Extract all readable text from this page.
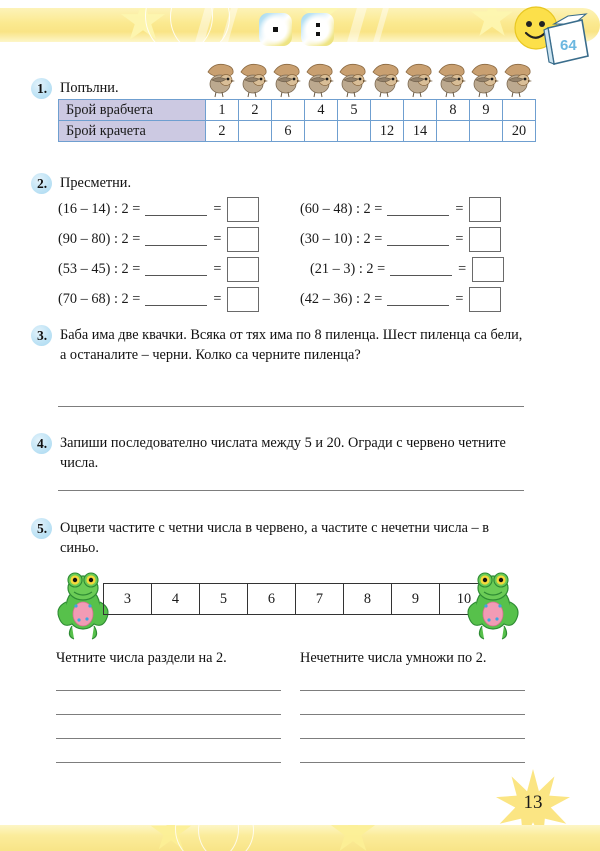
64
1. Попълни.
Брой врабчета	1	2		4	5			8	9	
Брой крачета	2		6			12	14			20
2. Пресметни.
(16 – 14) : 2 =	=
(90 – 80) : 2 =	=
(53 – 45) : 2 =	=
(70 – 68) : 2 =	=
(60 – 48) : 2 =	=
(30 – 10) : 2 =	=
(21 – 3) : 2 =	=
(42 – 36) : 2 =	=
3. Баба има две квачки. Всяка от тях има по 8 пиленца. Шест пиленца са бели, а останалите – черни. Колко са черните пиленца?
4. Запиши последователно числата между 5 и 20. Огради с червено четните числа.
5. Оцвети частите с четни числа в червено, а частите с нечетни числа – в синьо.
3	4	5	6	7	8	9	10
Четните числа раздели на 2.	Нечетните числа умножи по 2.
13
